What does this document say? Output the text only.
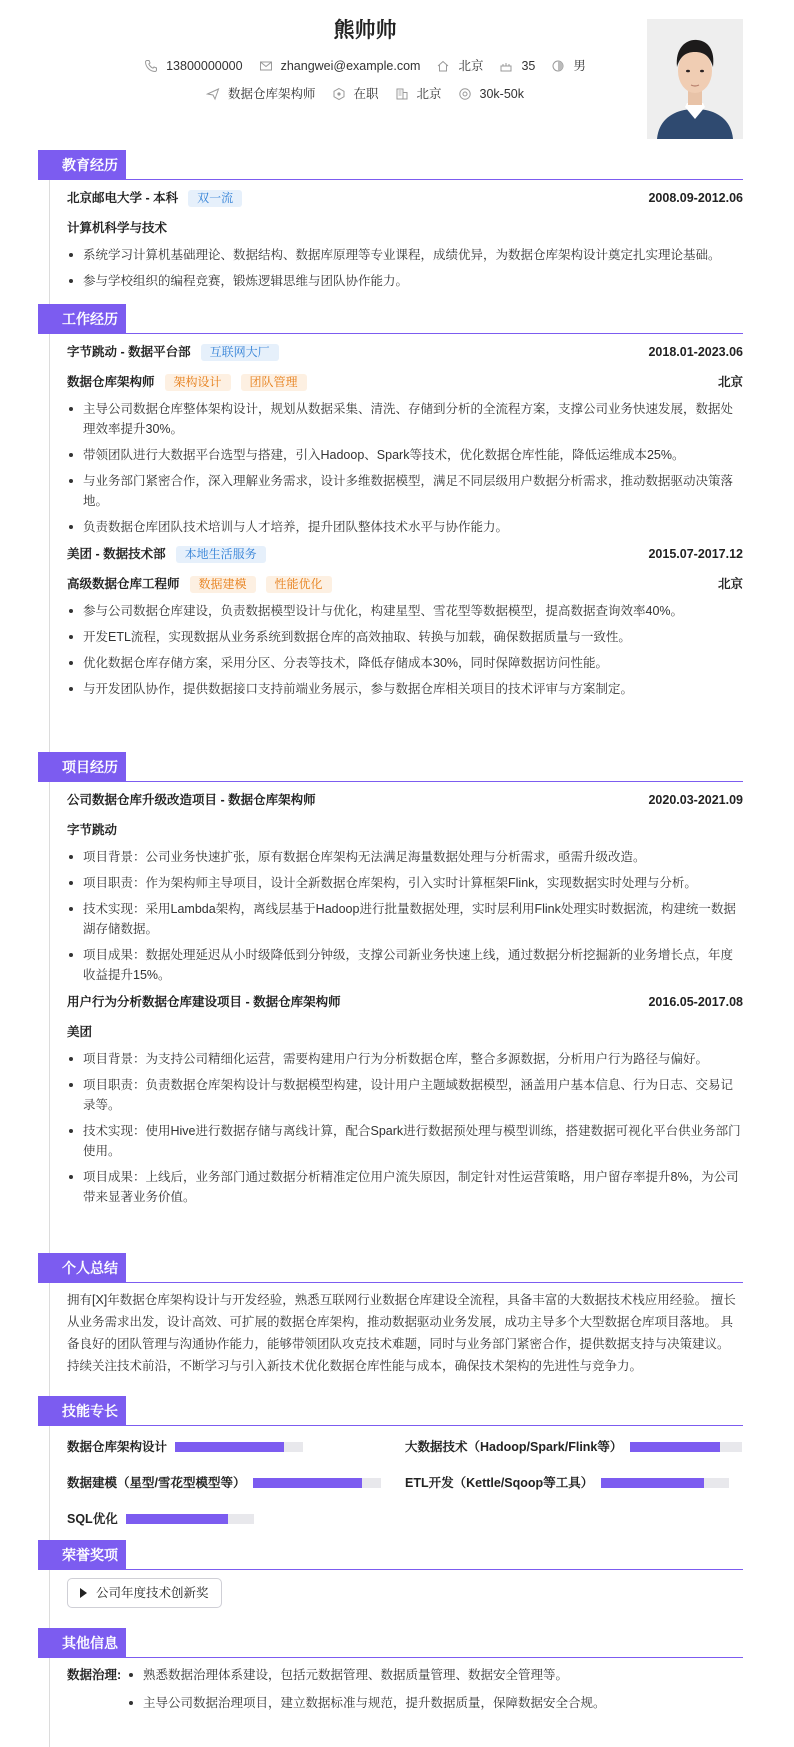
熊帅帅
13800000000	zhangwei@example.com	北京	35	男
数据仓库架构师	在职	北京	30k-50k
教育经历
北京邮电大学 - 本科	双一流	2008.09-2012.06
计算机科学与技术
系统学习计算机基础理论、数据结构、数据库原理等专业课程，成绩优异，为数据仓库架构设计奠定扎实理论基础。
参与学校组织的编程竞赛，锻炼逻辑思维与团队协作能力。
工作经历
字节跳动 - 数据平台部	互联网大厂	2018.01-2023.06
数据仓库架构师	架构设计	团队管理	北京
主导公司数据仓库整体架构设计，规划从数据采集、清洗、存储到分析的全流程方案，支撑公司业务快速发展，数据处理效率提升30%。
带领团队进行大数据平台选型与搭建，引入Hadoop、Spark等技术，优化数据仓库性能，降低运维成本25%。
与业务部门紧密合作，深入理解业务需求，设计多维数据模型，满足不同层级用户数据分析需求，推动数据驱动决策落地。
负责数据仓库团队技术培训与人才培养，提升团队整体技术水平与协作能力。
美团 - 数据技术部	本地生活服务	2015.07-2017.12
高级数据仓库工程师	数据建模	性能优化	北京
参与公司数据仓库建设，负责数据模型设计与优化，构建星型、雪花型等数据模型，提高数据查询效率40%。
开发ETL流程，实现数据从业务系统到数据仓库的高效抽取、转换与加载，确保数据质量与一致性。
优化数据仓库存储方案，采用分区、分表等技术，降低存储成本30%，同时保障数据访问性能。
与开发团队协作，提供数据接口支持前端业务展示，参与数据仓库相关项目的技术评审与方案制定。
项目经历
公司数据仓库升级改造项目 - 数据仓库架构师	2020.03-2021.09
字节跳动
项目背景：公司业务快速扩张，原有数据仓库架构无法满足海量数据处理与分析需求，亟需升级改造。
项目职责：作为架构师主导项目，设计全新数据仓库架构，引入实时计算框架Flink，实现数据实时处理与分析。
技术实现：采用Lambda架构，离线层基于Hadoop进行批量数据处理，实时层利用Flink处理实时数据流，构建统一数据湖存储数据。
项目成果：数据处理延迟从小时级降低到分钟级，支撑公司新业务快速上线，通过数据分析挖掘新的业务增长点，年度收益提升15%。
用户行为分析数据仓库建设项目 - 数据仓库架构师	2016.05-2017.08
美团
项目背景：为支持公司精细化运营，需要构建用户行为分析数据仓库，整合多源数据，分析用户行为路径与偏好。
项目职责：负责数据仓库架构设计与数据模型构建，设计用户主题域数据模型，涵盖用户基本信息、行为日志、交易记录等。
技术实现：使用Hive进行数据存储与离线计算，配合Spark进行数据预处理与模型训练，搭建数据可视化平台供业务部门使用。
项目成果：上线后，业务部门通过数据分析精准定位用户流失原因，制定针对性运营策略，用户留存率提升8%，为公司带来显著业务价值。
个人总结
拥有[X]年数据仓库架构设计与开发经验，熟悉互联网行业数据仓库建设全流程，具备丰富的大数据技术栈应用经验。 擅长从业务需求出发，设计高效、可扩展的数据仓库架构，推动数据驱动业务发展，成功主导多个大型数据仓库项目落地。 具备良好的团队管理与沟通协作能力，能够带领团队攻克技术难题，同时与业务部门紧密合作，提供数据支持与决策建议。 持续关注技术前沿，不断学习与引入新技术优化数据仓库性能与成本，确保技术架构的先进性与竞争力。
技能专长
数据仓库架构设计	大数据技术（Hadoop/Spark/Flink等）
数据建模（星型/雪花型模型等）	ETL开发（Kettle/Sqoop等工具）
SQL优化
荣誉奖项
公司年度技术创新奖
其他信息
数据治理:	熟悉数据治理体系建设，包括元数据管理、数据质量管理、数据安全管理等。
主导公司数据治理项目，建立数据标准与规范，提升数据质量，保障数据安全合规。
